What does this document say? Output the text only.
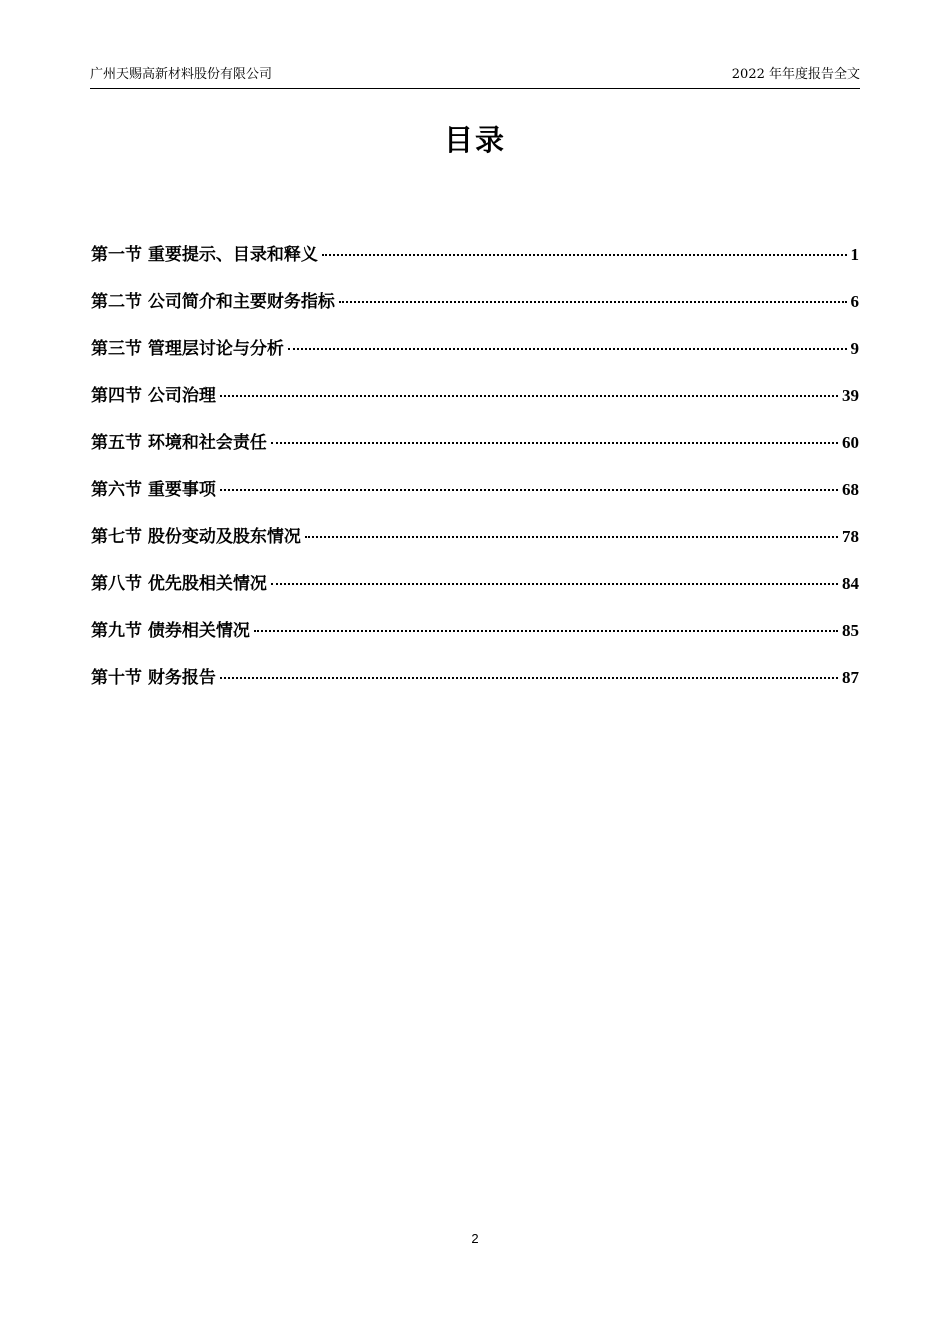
广州天赐高新材料股份有限公司	2022 年年度报告全文
目录
第一节 重要提示、目录和释义	1
第二节 公司简介和主要财务指标	6
第三节 管理层讨论与分析	9
第四节 公司治理	39
第五节 环境和社会责任	60
第六节 重要事项	68
第七节 股份变动及股东情况	78
第八节 优先股相关情况	84
第九节 债券相关情况	85
第十节 财务报告	87
2
